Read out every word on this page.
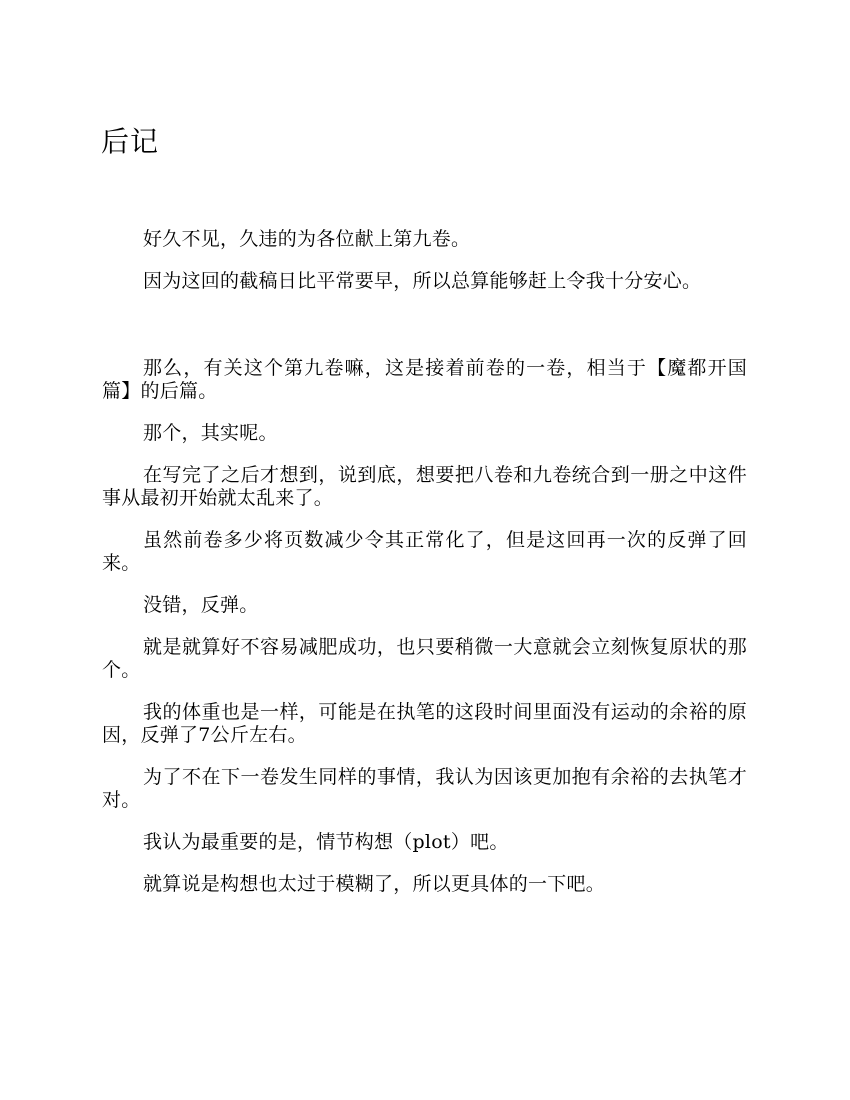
后记

好久不见，久违的为各位献上第九卷。

因为这回的截稿日比平常要早，所以总算能够赶上令我十分安心。

那么，有关这个第九卷嘛，这是接着前卷的一卷，相当于【魔都开国篇】的后篇。

那个，其实呢。

在写完了之后才想到，说到底，想要把八卷和九卷统合到一册之中这件事从最初开始就太乱来了。

虽然前卷多少将页数减少令其正常化了，但是这回再一次的反弹了回来。

没错，反弹。

就是就算好不容易减肥成功，也只要稍微一大意就会立刻恢复原状的那个。

我的体重也是一样，可能是在执笔的这段时间里面没有运动的余裕的原因，反弹了7公斤左右。

为了不在下一卷发生同样的事情，我认为因该更加抱有余裕的去执笔才对。

我认为最重要的是，情节构想（plot）吧。

就算说是构想也太过于模糊了，所以更具体的一下吧。
